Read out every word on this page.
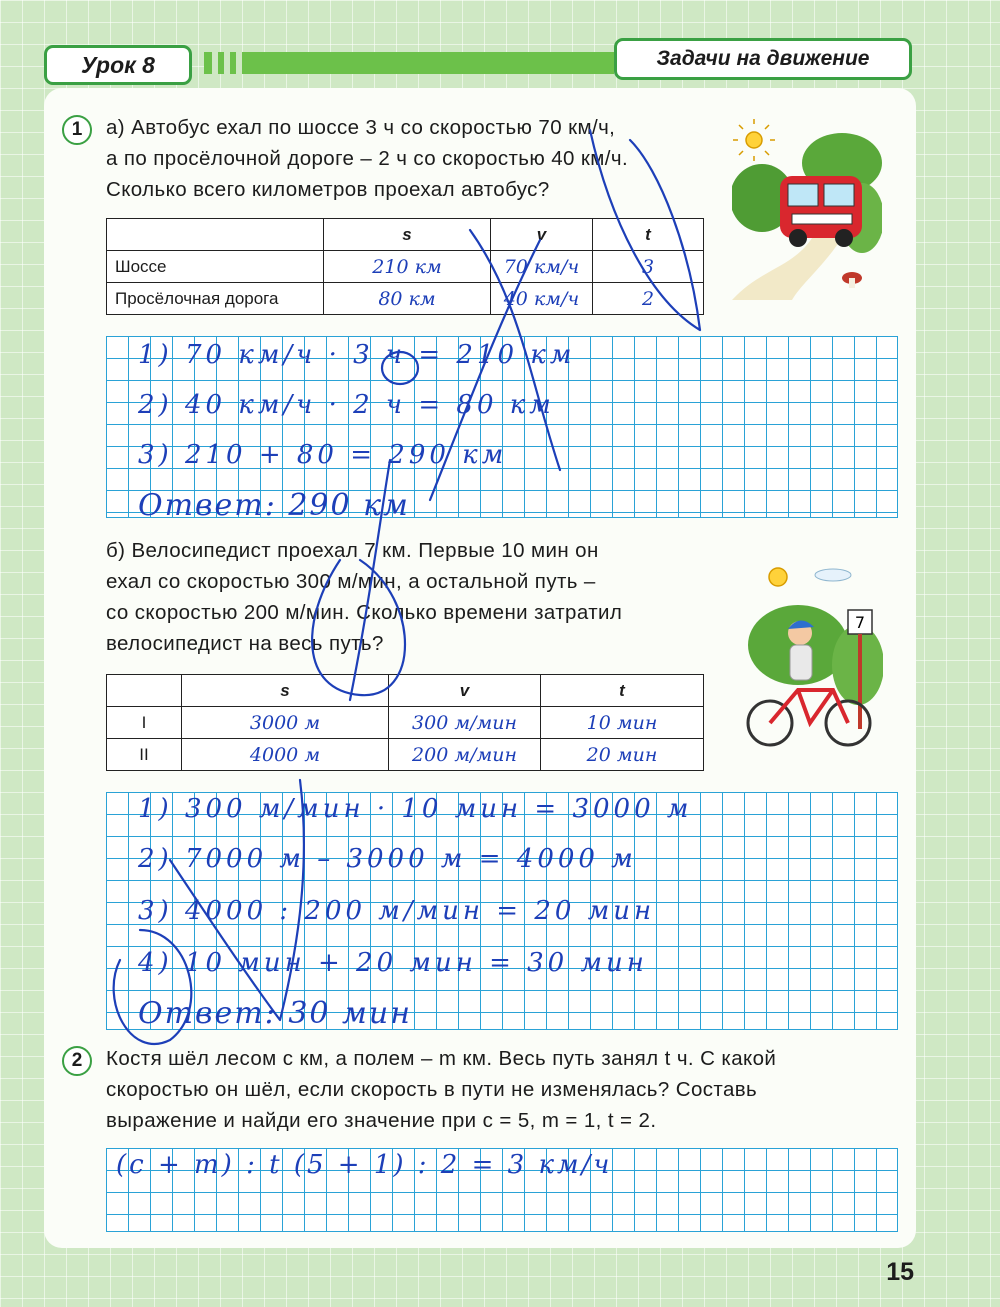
Урок 8	Задачи на движение
1	а) Автобус ехал по шоссе 3 ч со скоростью 70 км/ч,
а по просёлочной дороге – 2 ч со скоростью 40 км/ч.
Сколько всего километров проехал автобус?
	s	v	t
Шоссе	210 км	70 км/ч	3
Просёлочная дорога	80 км	40 км/ч	2
1) 70 км/ч · 3 ч = 210 км
2) 40 км/ч · 2 ч = 80 км
3) 210 + 80 = 290 км
Ответ: 290 км
б) Велосипедист проехал 7 км. Первые 10 мин он
ехал со скоростью 300 м/мин, а остальной путь –
со скоростью 200 м/мин. Сколько времени затратил
велосипедист на весь путь?
7
	s	v	t
I	3000 м	300 м/мин	10 мин
II	4000 м	200 м/мин	20 мин
1) 300 м/мин · 10 мин = 3000 м
2) 7000 м – 3000 м = 4000 м
3) 4000 : 200 м/мин = 20 мин
4) 10 мин + 20 мин = 30 мин
Ответ: 30 мин
2	Костя шёл лесом c км, а полем – m км. Весь путь занял t ч. С какой
скоростью он шёл, если скорость в пути не изменялась? Составь
выражение и найди его значение при c = 5, m = 1, t = 2.
(c + m) : t (5 + 1) : 2 = 3 км/ч
15
